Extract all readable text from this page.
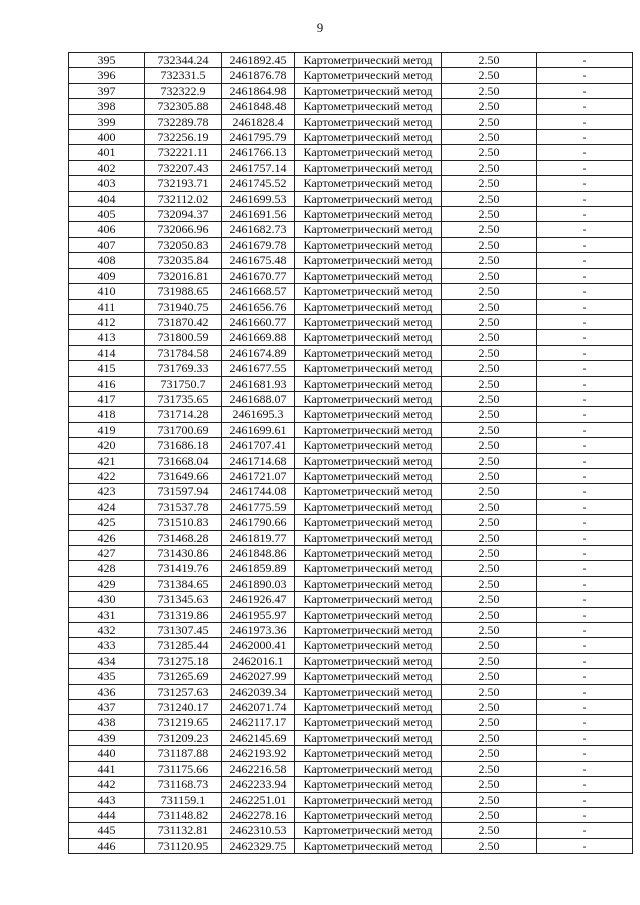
9
395	732344.24	2461892.45	Картометрический метод	2.50	-
396	732331.5	2461876.78	Картометрический метод	2.50	-
397	732322.9	2461864.98	Картометрический метод	2.50	-
398	732305.88	2461848.48	Картометрический метод	2.50	-
399	732289.78	2461828.4	Картометрический метод	2.50	-
400	732256.19	2461795.79	Картометрический метод	2.50	-
401	732221.11	2461766.13	Картометрический метод	2.50	-
402	732207.43	2461757.14	Картометрический метод	2.50	-
403	732193.71	2461745.52	Картометрический метод	2.50	-
404	732112.02	2461699.53	Картометрический метод	2.50	-
405	732094.37	2461691.56	Картометрический метод	2.50	-
406	732066.96	2461682.73	Картометрический метод	2.50	-
407	732050.83	2461679.78	Картометрический метод	2.50	-
408	732035.84	2461675.48	Картометрический метод	2.50	-
409	732016.81	2461670.77	Картометрический метод	2.50	-
410	731988.65	2461668.57	Картометрический метод	2.50	-
411	731940.75	2461656.76	Картометрический метод	2.50	-
412	731870.42	2461660.77	Картометрический метод	2.50	-
413	731800.59	2461669.88	Картометрический метод	2.50	-
414	731784.58	2461674.89	Картометрический метод	2.50	-
415	731769.33	2461677.55	Картометрический метод	2.50	-
416	731750.7	2461681.93	Картометрический метод	2.50	-
417	731735.65	2461688.07	Картометрический метод	2.50	-
418	731714.28	2461695.3	Картометрический метод	2.50	-
419	731700.69	2461699.61	Картометрический метод	2.50	-
420	731686.18	2461707.41	Картометрический метод	2.50	-
421	731668.04	2461714.68	Картометрический метод	2.50	-
422	731649.66	2461721.07	Картометрический метод	2.50	-
423	731597.94	2461744.08	Картометрический метод	2.50	-
424	731537.78	2461775.59	Картометрический метод	2.50	-
425	731510.83	2461790.66	Картометрический метод	2.50	-
426	731468.28	2461819.77	Картометрический метод	2.50	-
427	731430.86	2461848.86	Картометрический метод	2.50	-
428	731419.76	2461859.89	Картометрический метод	2.50	-
429	731384.65	2461890.03	Картометрический метод	2.50	-
430	731345.63	2461926.47	Картометрический метод	2.50	-
431	731319.86	2461955.97	Картометрический метод	2.50	-
432	731307.45	2461973.36	Картометрический метод	2.50	-
433	731285.44	2462000.41	Картометрический метод	2.50	-
434	731275.18	2462016.1	Картометрический метод	2.50	-
435	731265.69	2462027.99	Картометрический метод	2.50	-
436	731257.63	2462039.34	Картометрический метод	2.50	-
437	731240.17	2462071.74	Картометрический метод	2.50	-
438	731219.65	2462117.17	Картометрический метод	2.50	-
439	731209.23	2462145.69	Картометрический метод	2.50	-
440	731187.88	2462193.92	Картометрический метод	2.50	-
441	731175.66	2462216.58	Картометрический метод	2.50	-
442	731168.73	2462233.94	Картометрический метод	2.50	-
443	731159.1	2462251.01	Картометрический метод	2.50	-
444	731148.82	2462278.16	Картометрический метод	2.50	-
445	731132.81	2462310.53	Картометрический метод	2.50	-
446	731120.95	2462329.75	Картометрический метод	2.50	-
